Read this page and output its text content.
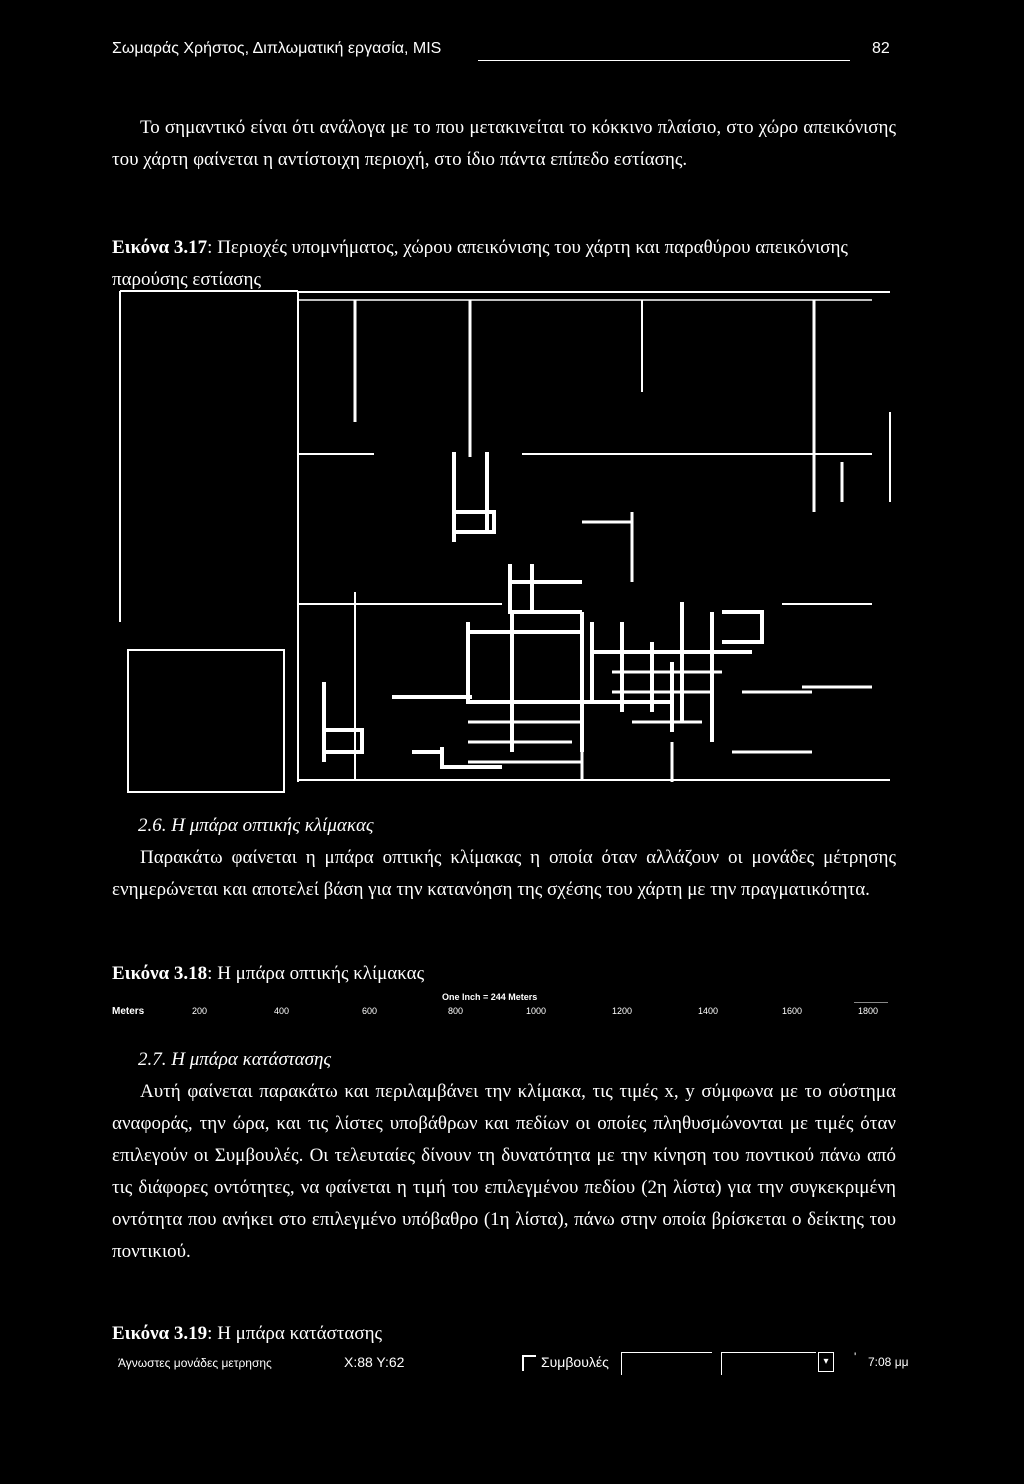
Σωμαράς Χρήστος, Διπλωματική εργασία, MIS	82

Το σημαντικό είναι ότι ανάλογα με το που μετακινείται το κόκκινο πλαίσιο, στο χώρο απεικόνισης του χάρτη φαίνεται η αντίστοιχη περιοχή, στο ίδιο πάντα επίπεδο εστίασης.

Εικόνα 3.17: Περιοχές υπομνήματος, χώρου απεικόνισης του χάρτη και παραθύρου απεικόνισης παρούσης εστίασης
2.6. Η μπάρα οπτικής κλίμακας

Παρακάτω φαίνεται η μπάρα οπτικής κλίμακας η οποία όταν αλλάζουν οι μονάδες μέτρησης ενημερώνεται και αποτελεί βάση για την κατανόηση της σχέσης του χάρτη με την πραγματικότητα.

Εικόνα 3.18: Η μπάρα οπτικής κλίμακας
One Inch = 244 Meters
Meters	200	400	600	800	1000	1200	1400	1600	1800
2.7. Η μπάρα κατάστασης

Αυτή φαίνεται παρακάτω και περιλαμβάνει την κλίμακα, τις τιμές x, y σύμφωνα με το σύστημα αναφοράς, την ώρα, και τις λίστες υποβάθρων και πεδίων οι οποίες πληθυσμώνονται με τιμές όταν επιλεγούν οι Συμβουλές. Οι τελευταίες δίνουν τη δυνατότητα με την κίνηση του ποντικού πάνω από τις διάφορες οντότητες, να φαίνεται η τιμή του επιλεγμένου πεδίου (2η λίστα) για την συγκεκριμένη οντότητα που ανήκει στο επιλεγμένο υπόβαθρο (1η λίστα), πάνω στην οποία βρίσκεται ο δείκτης του ποντικιού.

Εικόνα 3.19: Η μπάρα κατάστασης
Άγνωστες μονάδες μετρησης	X:88 Y:62	Συμβουλές	▾	' 7:08 μμ
